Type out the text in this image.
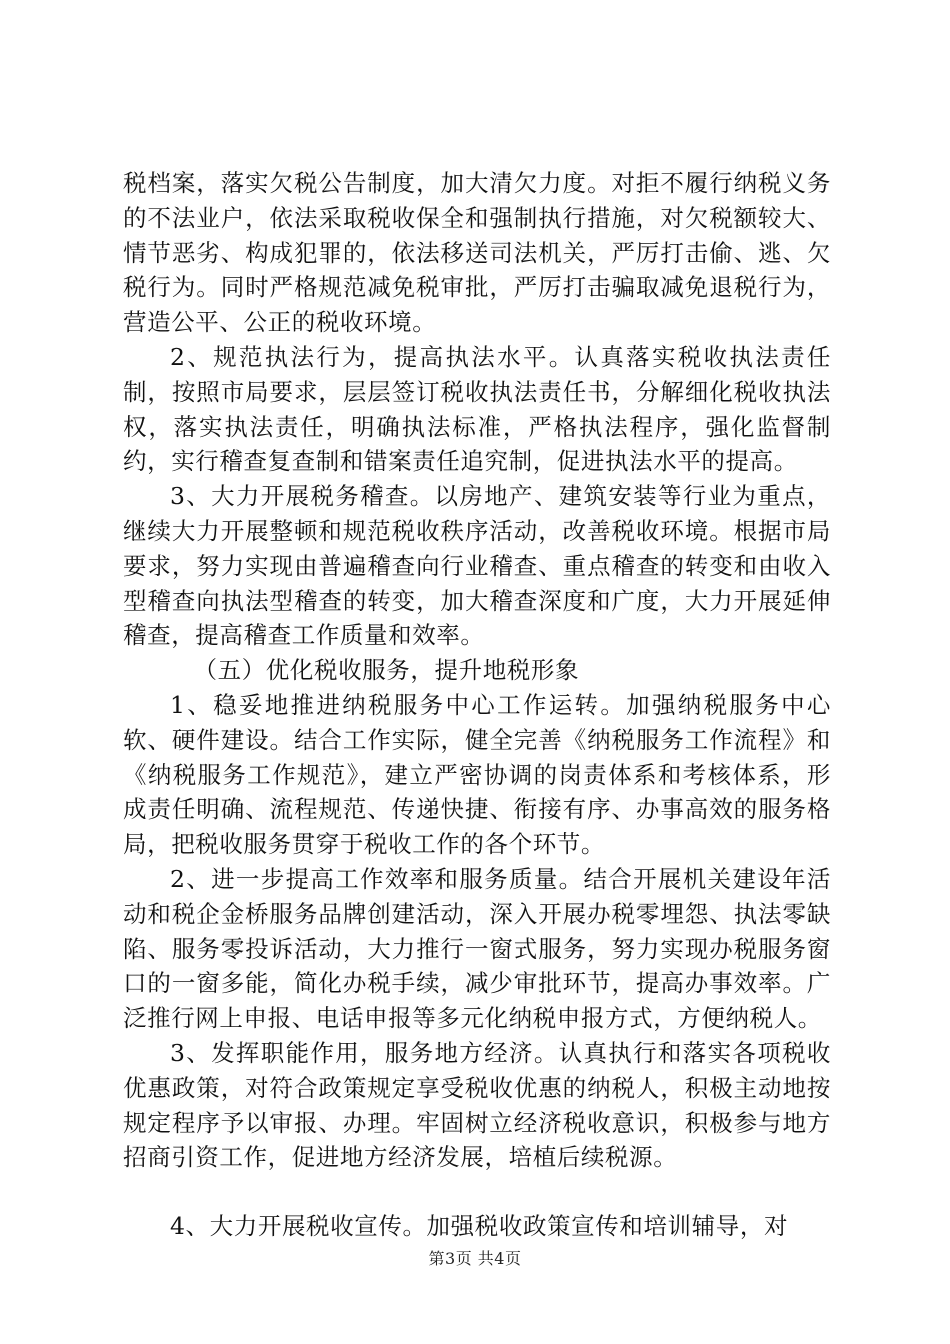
税档案，落实欠税公告制度，加大清欠力度。对拒不履行纳税义务的不法业户，依法采取税收保全和强制执行措施，对欠税额较大、情节恶劣、构成犯罪的，依法移送司法机关，严厉打击偷、逃、欠税行为。同时严格规范减免税审批，严厉打击骗取减免退税行为，营造公平、公正的税收环境。

2、规范执法行为，提高执法水平。认真落实税收执法责任制，按照市局要求，层层签订税收执法责任书，分解细化税收执法权，落实执法责任，明确执法标准，严格执法程序，强化监督制约，实行稽查复查制和错案责任追究制，促进执法水平的提高。

3、大力开展税务稽查。以房地产、建筑安装等行业为重点，继续大力开展整顿和规范税收秩序活动，改善税收环境。根据市局要求，努力实现由普遍稽查向行业稽查、重点稽查的转变和由收入型稽查向执法型稽查的转变，加大稽查深度和广度，大力开展延伸稽查，提高稽查工作质量和效率。

（五）优化税收服务，提升地税形象

1、稳妥地推进纳税服务中心工作运转。加强纳税服务中心软、硬件建设。结合工作实际，健全完善《纳税服务工作流程》和《纳税服务工作规范》，建立严密协调的岗责体系和考核体系，形成责任明确、流程规范、传递快捷、衔接有序、办事高效的服务格局，把税收服务贯穿于税收工作的各个环节。

2、进一步提高工作效率和服务质量。结合开展机关建设年活动和税企金桥服务品牌创建活动，深入开展办税零埋怨、执法零缺陷、服务零投诉活动，大力推行一窗式服务，努力实现办税服务窗口的一窗多能，简化办税手续，减少审批环节，提高办事效率。广泛推行网上申报、电话申报等多元化纳税申报方式，方便纳税人。

3、发挥职能作用，服务地方经济。认真执行和落实各项税收优惠政策，对符合政策规定享受税收优惠的纳税人，积极主动地按规定程序予以审报、办理。牢固树立经济税收意识，积极参与地方招商引资工作，促进地方经济发展，培植后续税源。

4、大力开展税收宣传。加强税收政策宣传和培训辅导，对

第3页 共4页
